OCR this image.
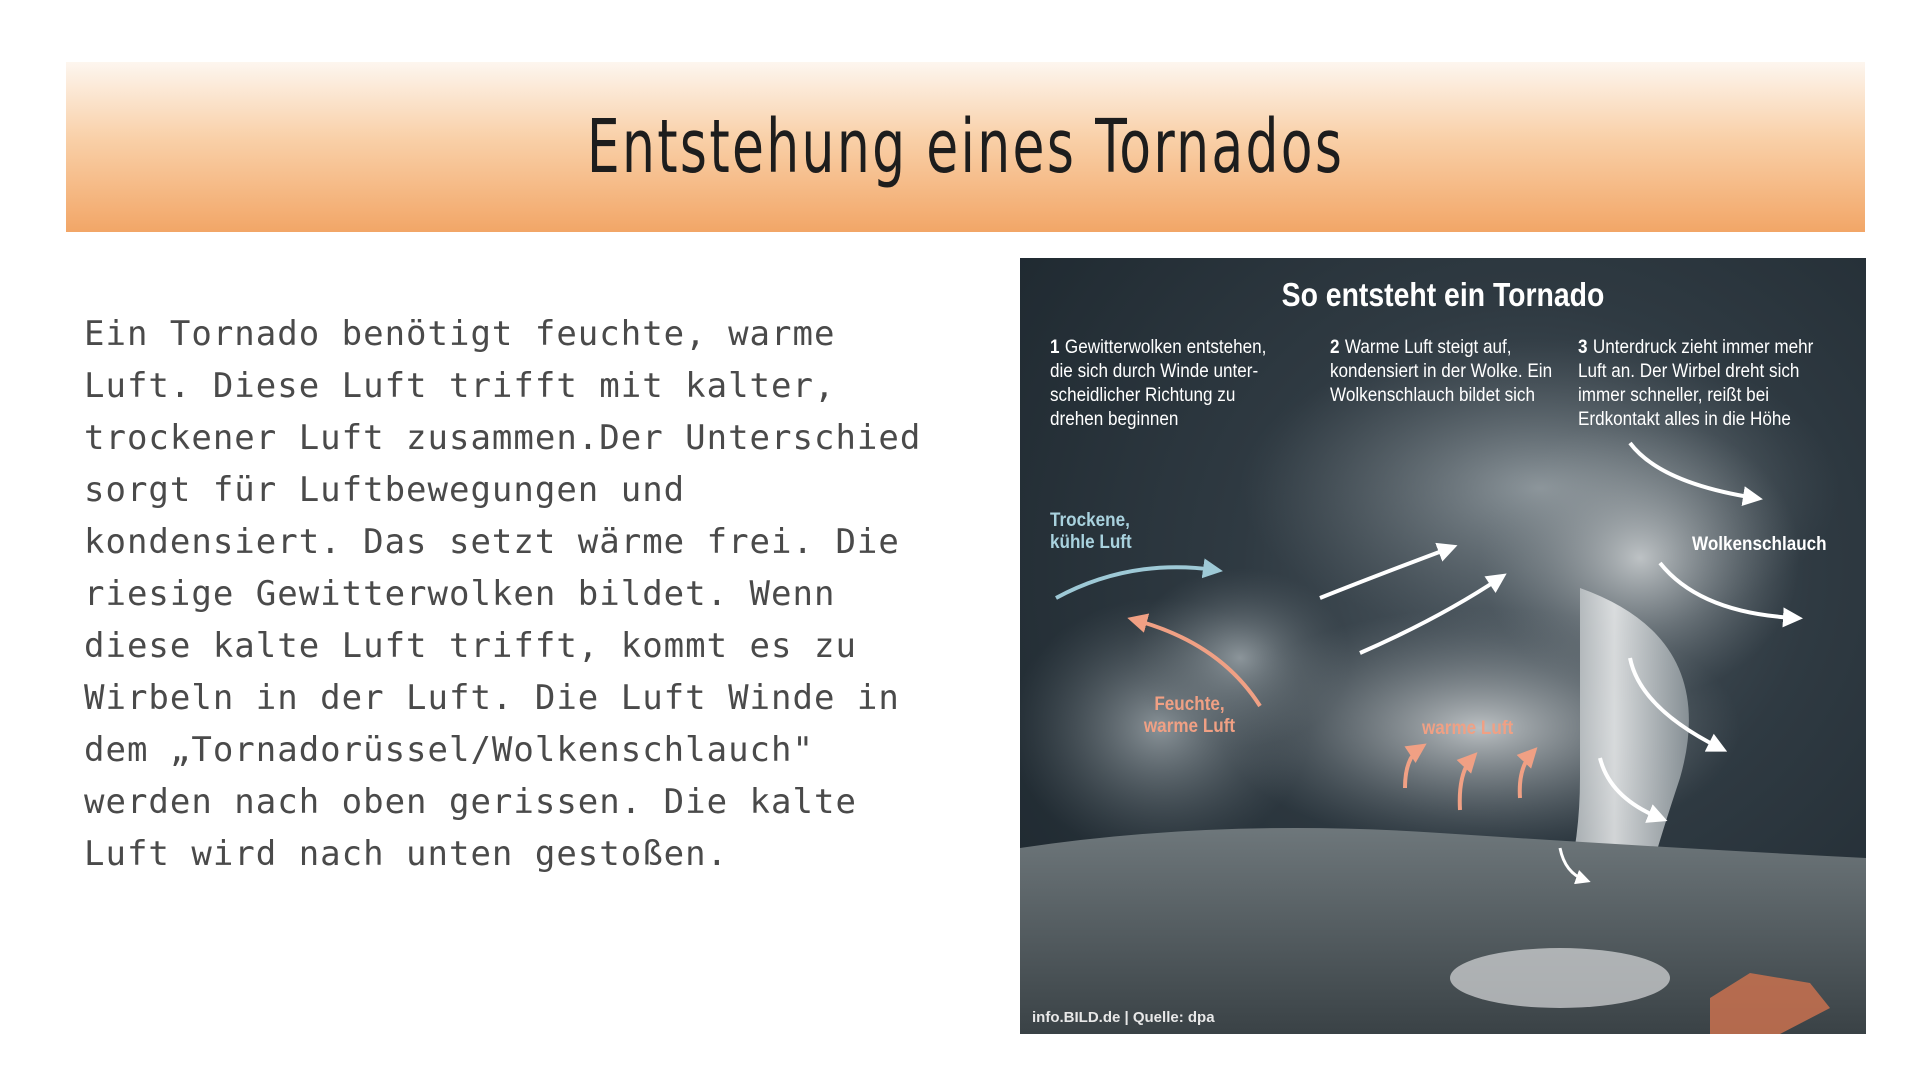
Entstehung eines Tornados

Ein Tornado benötigt feuchte, warme
Luft. Diese Luft trifft mit kalter,
trockener Luft zusammen.Der Unterschied
sorgt für Luftbewegungen und
kondensiert. Das setzt wärme frei. Die
riesige Gewitterwolken bildet. Wenn
diese kalte Luft trifft, kommt es zu
Wirbeln in der Luft. Die Luft Winde in
dem „Tornadorüssel/Wolkenschlauch"
werden nach oben gerissen. Die kalte
Luft wird nach unten gestoßen.

So entsteht ein Tornado
1 Gewitterwolken entstehen, die sich durch Winde unter-scheidlicher Richtung zu drehen beginnen
2 Warme Luft steigt auf, kondensiert in der Wolke. Ein Wolkenschlauch bildet sich
3 Unterdruck zieht immer mehr Luft an. Der Wirbel dreht sich immer schneller, reißt bei Erdkontakt alles in die Höhe
Trockene, kühle Luft
Feuchte, warme Luft	warme Luft
Wolkenschlauch
info.BILD.de | Quelle: dpa
